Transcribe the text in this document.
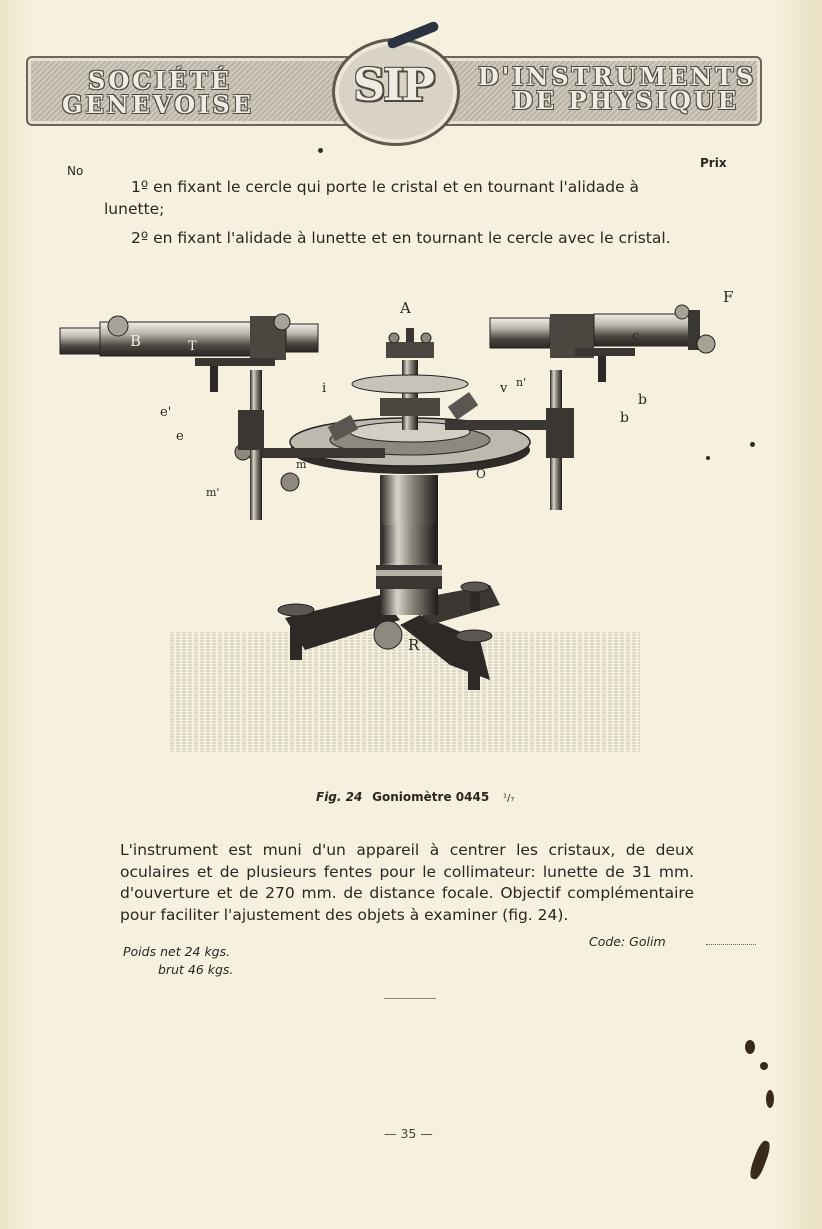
SOCIÉTÉ
GENEVOISE
D'INSTRUMENTS
DE PHYSIQUE
SIP
No
Prix
1º en fixant le cercle qui porte le cristal et en tournant l'alidade à lunette;
2º en fixant l'alidade à lunette et en tournant le cercle avec le cristal.
A
F
B	T
c
b
b
e'
e
i	v n'
m
m'
O
R
Fig. 24 Goniomètre 0445 ¹/₇
L'instrument est muni d'un appareil à centrer les cristaux, de deux oculaires et de plusieurs fentes pour le collimateur: lunette de 31 mm. d'ouverture et de 270 mm. de distance focale. Objectif complémentaire pour faciliter l'ajustement des objets à examiner (fig. 24).
Poids net 24 kgs.
brut 46 kgs.
Code: Golim
— 35 —
